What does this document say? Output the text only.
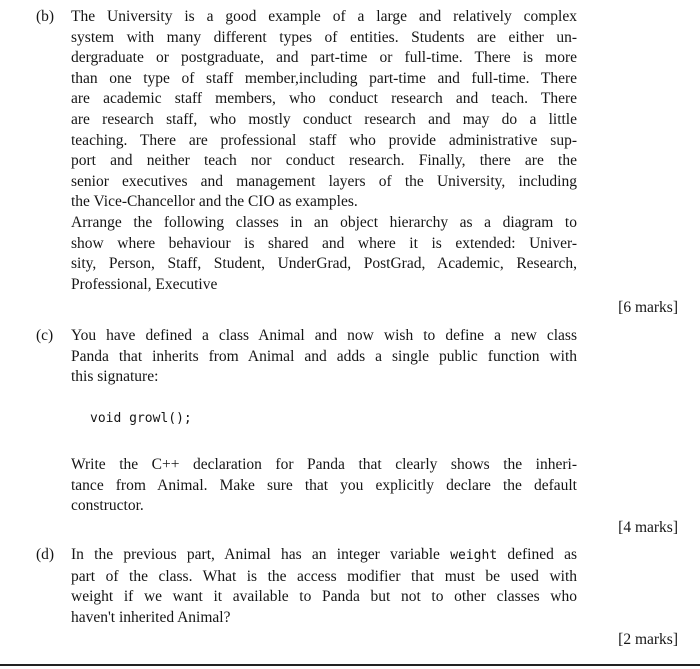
(b) The University is a good example of a large and relatively complex
system with many different types of entities. Students are either un-
dergraduate or postgraduate, and part-time or full-time. There is more
than one type of staff member,including part-time and full-time. There
are academic staff members, who conduct research and teach. There
are research staff, who mostly conduct research and may do a little
teaching. There are professional staff who provide administrative sup-
port and neither teach nor conduct research. Finally, there are the
senior executives and management layers of the University, including
the Vice-Chancellor and the CIO as examples.

Arrange the following classes in an object hierarchy as a diagram to
show where behaviour is shared and where it is extended: Univer-
sity, Person, Staff, Student, UnderGrad, PostGrad, Academic, Research,
Professional, Executive

[6 marks]
(c) You have defined a class Animal and now wish to define a new class
Panda that inherits from Animal and adds a single public function with
this signature:

void growl();

Write the C++ declaration for Panda that clearly shows the inheri-
tance from Animal. Make sure that you explicitly declare the default
constructor.

[4 marks]
(d) In the previous part, Animal has an integer variable weight defined as
part of the class. What is the access modifier that must be used with
weight if we want it available to Panda but not to other classes who
haven't inherited Animal?

[2 marks]
